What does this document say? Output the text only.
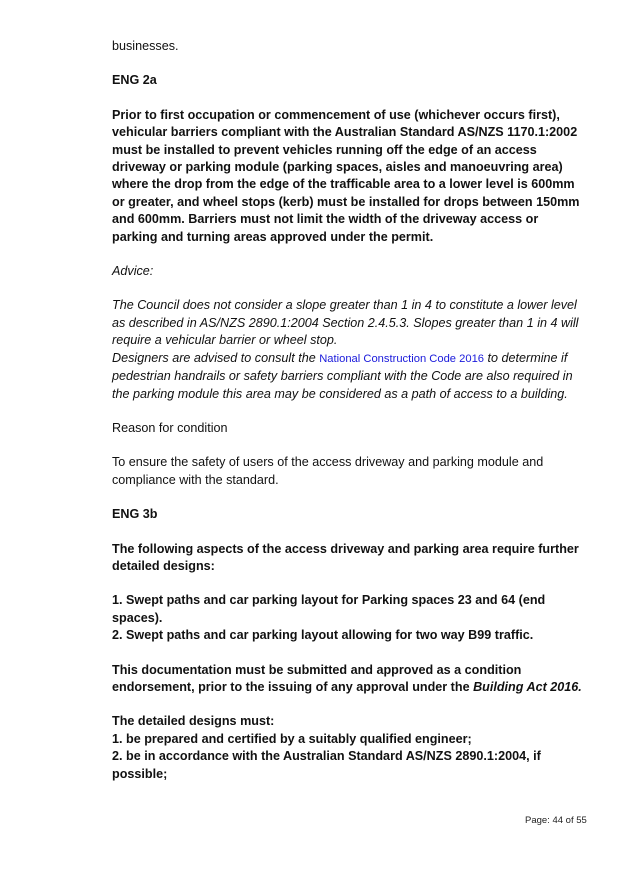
businesses.

ENG 2a

Prior to first occupation or commencement of use (whichever occurs first), vehicular barriers compliant with the Australian Standard AS/NZS 1170.1:2002 must be installed to prevent vehicles running off the edge of an access driveway or parking module (parking spaces, aisles and manoeuvring area) where the drop from the edge of the trafficable area to a lower level is 600mm or greater, and wheel stops (kerb) must be installed for drops between 150mm and 600mm. Barriers must not limit the width of the driveway access or parking and turning areas approved under the permit.

Advice:

The Council does not consider a slope greater than 1 in 4 to constitute a lower level as described in AS/NZS 2890.1:2004 Section 2.4.5.3. Slopes greater than 1 in 4 will require a vehicular barrier or wheel stop.

Designers are advised to consult the National Construction Code 2016 to determine if pedestrian handrails or safety barriers compliant with the Code are also required in the parking module this area may be considered as a path of access to a building.

Reason for condition

To ensure the safety of users of the access driveway and parking module and compliance with the standard.

ENG 3b

The following aspects of the access driveway and parking area require further detailed designs:

1. Swept paths and car parking layout for Parking spaces 23 and 64 (end spaces).

2. Swept paths and car parking layout allowing for two way B99 traffic.

This documentation must be submitted and approved as a condition endorsement, prior to the issuing of any approval under the Building Act 2016.

The detailed designs must:

1. be prepared and certified by a suitably qualified engineer;

2. be in accordance with the Australian Standard AS/NZS 2890.1:2004, if possible;

Page: 44 of 55
